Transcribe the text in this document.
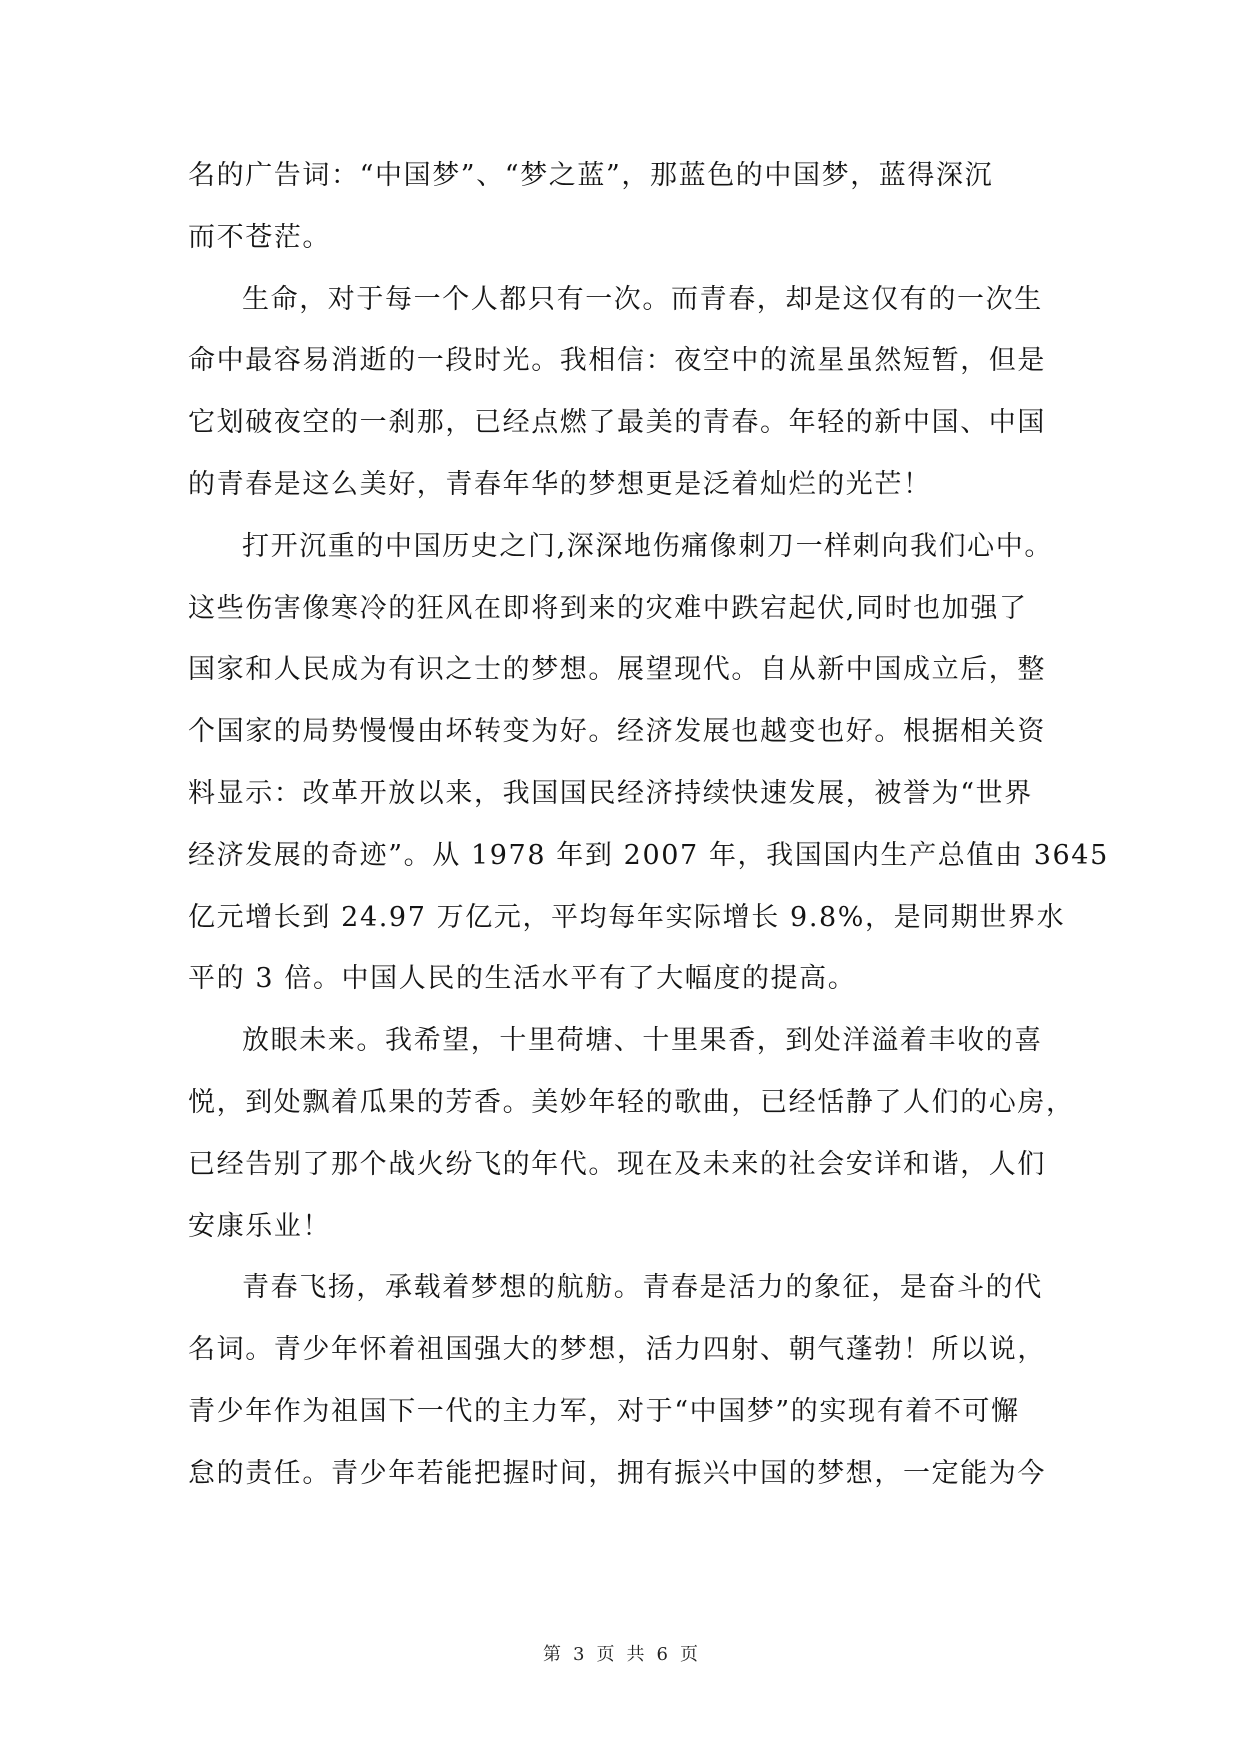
名的广告词：“中国梦”、“梦之蓝”，那蓝色的中国梦，蓝得深沉
而不苍茫。
生命，对于每一个人都只有一次。而青春，却是这仅有的一次生
命中最容易消逝的一段时光。我相信：夜空中的流星虽然短暂，但是
它划破夜空的一刹那，已经点燃了最美的青春。年轻的新中国、中国
的青春是这么美好，青春年华的梦想更是泛着灿烂的光芒！
打开沉重的中国历史之门,深深地伤痛像刺刀一样刺向我们心中。
这些伤害像寒冷的狂风在即将到来的灾难中跌宕起伏,同时也加强了
国家和人民成为有识之士的梦想。展望现代。自从新中国成立后，整
个国家的局势慢慢由坏转变为好。经济发展也越变也好。根据相关资
料显示：改革开放以来，我国国民经济持续快速发展，被誉为“世界
经济发展的奇迹”。从 1978 年到 2007 年，我国国内生产总值由 3645
亿元增长到 24.97 万亿元，平均每年实际增长 9.8%，是同期世界水
平的 3 倍。中国人民的生活水平有了大幅度的提高。
放眼未来。我希望，十里荷塘、十里果香，到处洋溢着丰收的喜
悦，到处飘着瓜果的芳香。美妙年轻的歌曲，已经恬静了人们的心房，
已经告别了那个战火纷飞的年代。现在及未来的社会安详和谐，人们
安康乐业！
青春飞扬，承载着梦想的航舫。青春是活力的象征，是奋斗的代
名词。青少年怀着祖国强大的梦想，活力四射、朝气蓬勃！所以说，
青少年作为祖国下一代的主力军，对于“中国梦”的实现有着不可懈
怠的责任。青少年若能把握时间，拥有振兴中国的梦想，一定能为今
第 3 页 共 6 页
